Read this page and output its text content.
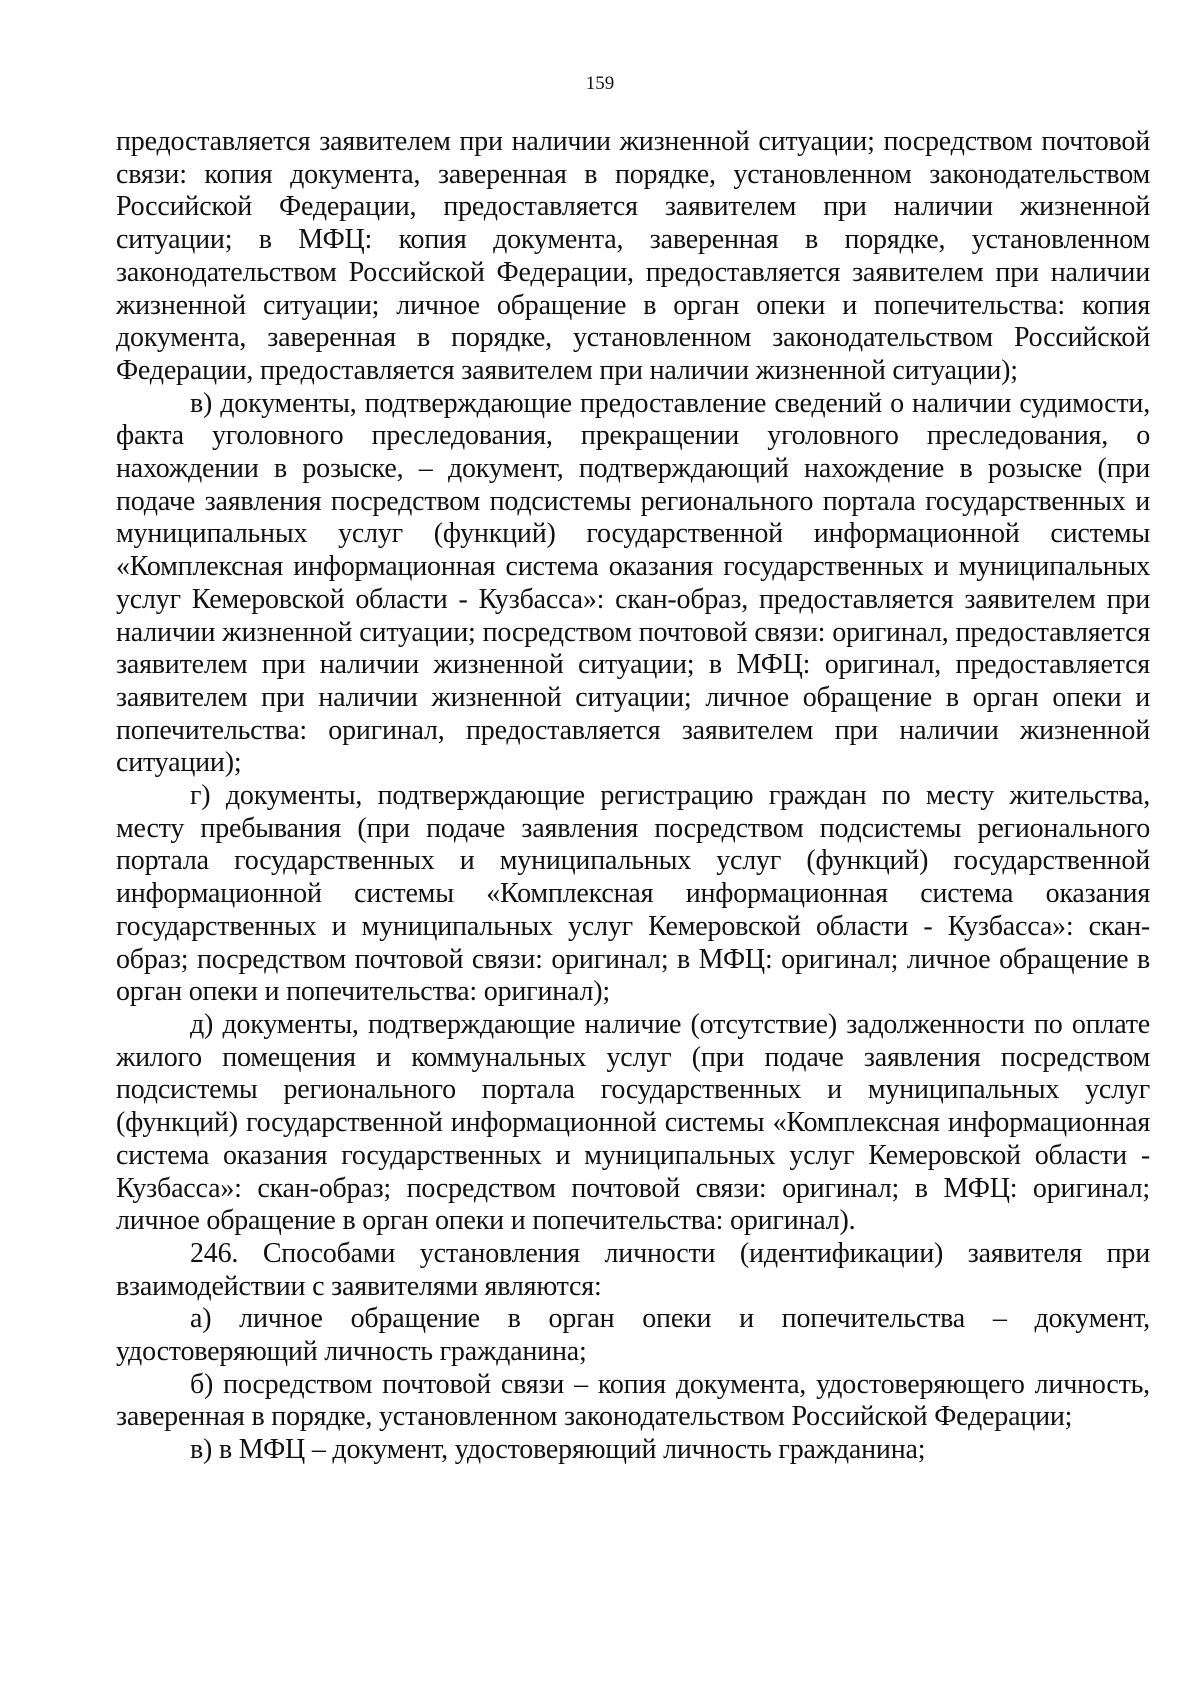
159

предоставляется заявителем при наличии жизненной ситуации; посредством почтовой связи: копия документа, заверенная в порядке, установленном законодательством Российской Федерации, предоставляется заявителем при наличии жизненной ситуации; в МФЦ: копия документа, заверенная в порядке, установленном законодательством Российской Федерации, предоставляется заявителем при наличии жизненной ситуации; личное обращение в орган опеки и попечительства: копия документа, заверенная в порядке, установленном законодательством Российской Федерации, предоставляется заявителем при наличии жизненной ситуации);

в) документы, подтверждающие предоставление сведений о наличии судимости, факта уголовного преследования, прекращении уголовного преследования, о нахождении в розыске, – документ, подтверждающий нахождение в розыске (при подаче заявления посредством подсистемы регионального портала государственных и муниципальных услуг (функций) государственной информационной системы «Комплексная информационная система оказания государственных и муниципальных услуг Кемеровской области - Кузбасса»: скан-образ, предоставляется заявителем при наличии жизненной ситуации; посредством почтовой связи: оригинал, предоставляется заявителем при наличии жизненной ситуации; в МФЦ: оригинал, предоставляется заявителем при наличии жизненной ситуации; личное обращение в орган опеки и попечительства: оригинал, предоставляется заявителем при наличии жизненной ситуации);

г) документы, подтверждающие регистрацию граждан по месту жительства, месту пребывания (при подаче заявления посредством подсистемы регионального портала государственных и муниципальных услуг (функций) государственной информационной системы «Комплексная информационная система оказания государственных и муниципальных услуг Кемеровской области - Кузбасса»: скан-образ; посредством почтовой связи: оригинал; в МФЦ: оригинал; личное обращение в орган опеки и попечительства: оригинал);

д) документы, подтверждающие наличие (отсутствие) задолженности по оплате жилого помещения и коммунальных услуг (при подаче заявления посредством подсистемы регионального портала государственных и муниципальных услуг (функций) государственной информационной системы «Комплексная информационная система оказания государственных и муниципальных услуг Кемеровской области - Кузбасса»: скан-образ; посредством почтовой связи: оригинал; в МФЦ: оригинал; личное обращение в орган опеки и попечительства: оригинал).

246. Способами установления личности (идентификации) заявителя при взаимодействии с заявителями являются:

а) личное обращение в орган опеки и попечительства – документ, удостоверяющий личность гражданина;

б) посредством почтовой связи – копия документа, удостоверяющего личность, заверенная в порядке, установленном законодательством Российской Федерации;

в) в МФЦ – документ, удостоверяющий личность гражданина;
